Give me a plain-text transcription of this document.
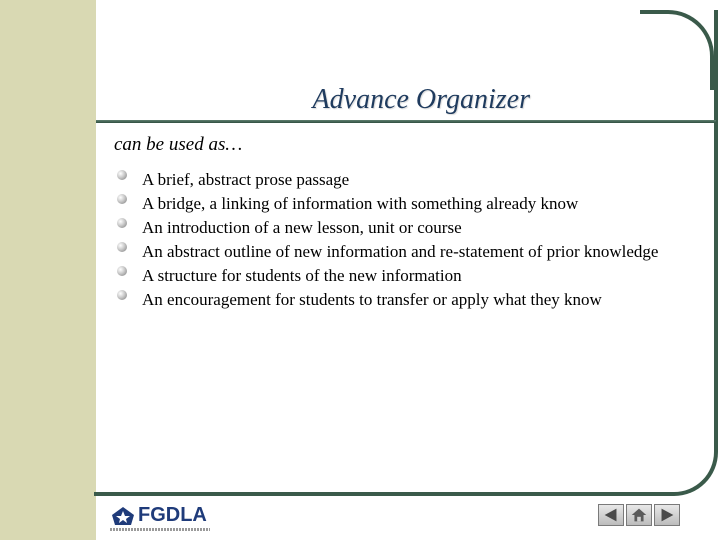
Advance Organizer
can be used as…
A brief, abstract prose passage
A bridge, a linking of information with something already know
An introduction of a new lesson, unit or course
An abstract outline of new information and re-statement of prior knowledge
A structure for students of the new information
An encouragement for students to transfer or apply what they know
FGDLA
